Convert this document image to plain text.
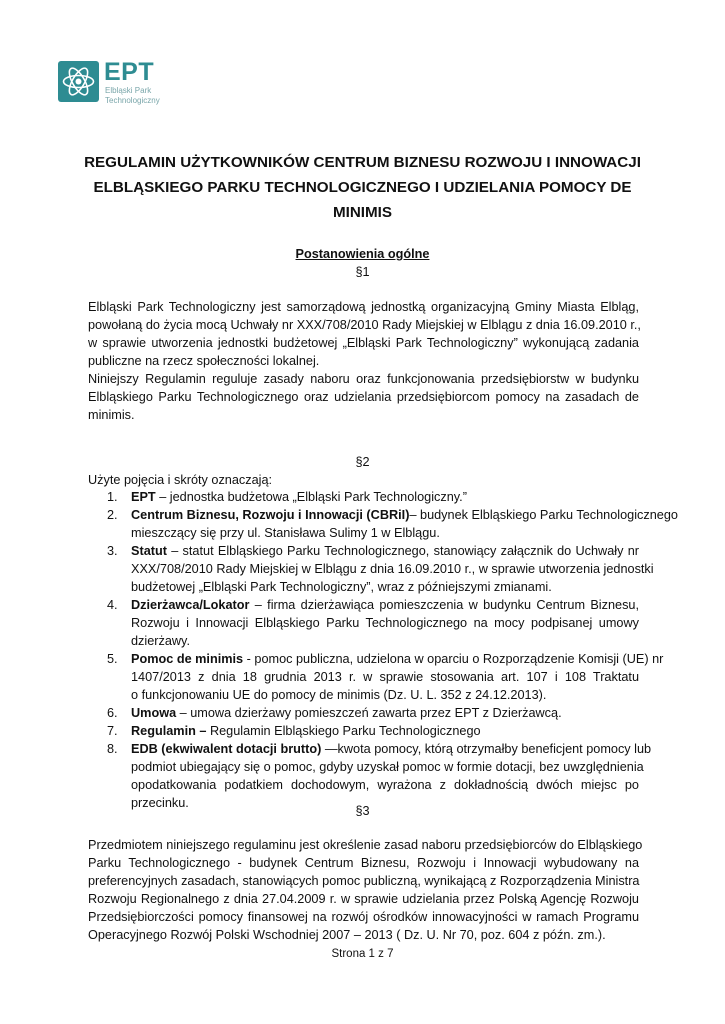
EPT
Elbląski Park
Technologiczny
REGULAMIN UŻYTKOWNIKÓW CENTRUM BIZNESU ROZWOJU I INNOWACJI
ELBLĄSKIEGO PARKU TECHNOLOGICZNEGO I UDZIELANIA POMOCY DE
MINIMIS
Postanowienia ogólne
§1
Elbląski Park Technologiczny jest samorządową jednostką organizacyjną Gminy Miasta Elbląg,
powołaną do życia mocą Uchwały nr XXX/708/2010 Rady Miejskiej w Elblągu z dnia 16.09.2010 r.,
w sprawie utworzenia jednostki budżetowej „Elbląski Park Technologiczny” wykonującą zadania
publiczne na rzecz społeczności lokalnej.
Niniejszy Regulamin reguluje zasady naboru oraz funkcjonowania przedsiębiorstw w budynku
Elbląskiego Parku Technologicznego oraz udzielania przedsiębiorcom pomocy na zasadach de
minimis.
§2
Użyte pojęcia i skróty oznaczają:
1. EPT – jednostka budżetowa „Elbląski Park Technologiczny.”
2. Centrum Biznesu, Rozwoju i Innowacji (CBRiI)– budynek Elbląskiego Parku Technologicznego
mieszczący się przy ul. Stanisława Sulimy 1 w Elblągu.
3. Statut – statut Elbląskiego Parku Technologicznego, stanowiący załącznik do Uchwały nr
XXX/708/2010 Rady Miejskiej w Elblągu z dnia 16.09.2010 r., w sprawie utworzenia jednostki
budżetowej „Elbląski Park Technologiczny”, wraz z późniejszymi zmianami.
4. Dzierżawca/Lokator – firma dzierżawiąca pomieszczenia w budynku Centrum Biznesu,
Rozwoju i Innowacji Elbląskiego Parku Technologicznego na mocy podpisanej umowy
dzierżawy.
5. Pomoc de minimis - pomoc publiczna, udzielona w oparciu o Rozporządzenie Komisji (UE) nr
1407/2013 z dnia 18 grudnia 2013 r. w sprawie stosowania art. 107 i 108 Traktatu
o funkcjonowaniu UE do pomocy de minimis (Dz. U. L. 352 z 24.12.2013).
6. Umowa – umowa dzierżawy pomieszczeń zawarta przez EPT z Dzierżawcą.
7. Regulamin – Regulamin Elbląskiego Parku Technologicznego
8. EDB (ekwiwalent dotacji brutto) —kwota pomocy, którą otrzymałby beneficjent pomocy lub
podmiot ubiegający się o pomoc, gdyby uzyskał pomoc w formie dotacji, bez uwzględnienia
opodatkowania podatkiem dochodowym, wyrażona z dokładnością dwóch miejsc po
przecinku.
§3
Przedmiotem niniejszego regulaminu jest określenie zasad naboru przedsiębiorców do Elbląskiego
Parku Technologicznego - budynek Centrum Biznesu, Rozwoju i Innowacji wybudowany na
preferencyjnych zasadach, stanowiących pomoc publiczną, wynikającą z Rozporządzenia Ministra
Rozwoju Regionalnego z dnia 27.04.2009 r. w sprawie udzielania przez Polską Agencję Rozwoju
Przedsiębiorczości pomocy finansowej na rozwój ośrodków innowacyjności w ramach Programu
Operacyjnego Rozwój Polski Wschodniej 2007 – 2013 ( Dz. U. Nr 70, poz. 604 z późn. zm.).
Strona 1 z 7
